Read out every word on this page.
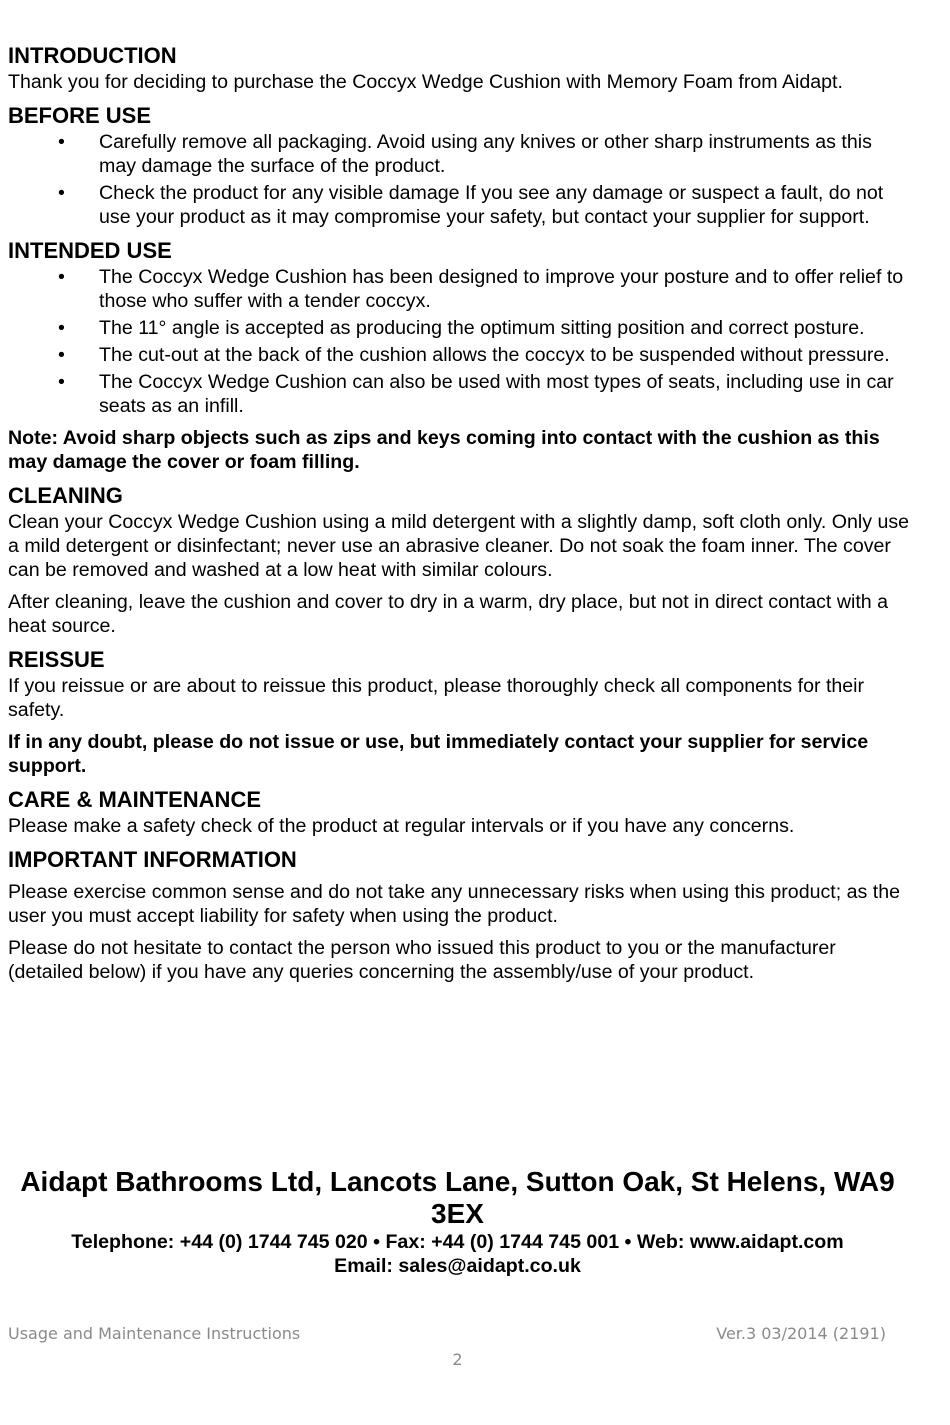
INTRODUCTION

Thank you for deciding to purchase the Coccyx Wedge Cushion with Memory Foam from Aidapt.

BEFORE USE
•	Carefully remove all packaging. Avoid using any knives or other sharp instruments as this may damage the surface of the product.
•	Check the product for any visible damage If you see any damage or suspect a fault, do not use your product as it may compromise your safety, but contact your supplier for support.
INTENDED USE
•	The Coccyx Wedge Cushion has been designed to improve your posture and to offer relief to those who suffer with a tender coccyx.
•	The 11° angle is accepted as producing the optimum sitting position and correct posture.
•	The cut-out at the back of the cushion allows the coccyx to be suspended without pressure.
•	The Coccyx Wedge Cushion can also be used with most types of seats, including use in car seats as an infill.

Note: Avoid sharp objects such as zips and keys coming into contact with the cushion as this may damage the cover or foam filling.

CLEANING

Clean your Coccyx Wedge Cushion using a mild detergent with a slightly damp, soft cloth only. Only use a mild detergent or disinfectant; never use an abrasive cleaner. Do not soak the foam inner. The cover can be removed and washed at a low heat with similar colours.

After cleaning, leave the cushion and cover to dry in a warm, dry place, but not in direct contact with a heat source.

REISSUE

If you reissue or are about to reissue this product, please thoroughly check all components for their safety.

If in any doubt, please do not issue or use, but immediately contact your supplier for service support.

CARE & MAINTENANCE

Please make a safety check of the product at regular intervals or if you have any concerns.

IMPORTANT INFORMATION

Please exercise common sense and do not take any unnecessary risks when using this product; as the user you must accept liability for safety when using the product.

Please do not hesitate to contact the person who issued this product to you or the manufacturer (detailed below) if you have any queries concerning the assembly/use of your product.

Aidapt Bathrooms Ltd, Lancots Lane, Sutton Oak, St Helens, WA9 3EX
Telephone: +44 (0) 1744 745 020 • Fax: +44 (0) 1744 745 001 • Web: www.aidapt.com
Email: sales@aidapt.co.uk
Usage and Maintenance Instructions	Ver.3 03/2014 (2191)
2
